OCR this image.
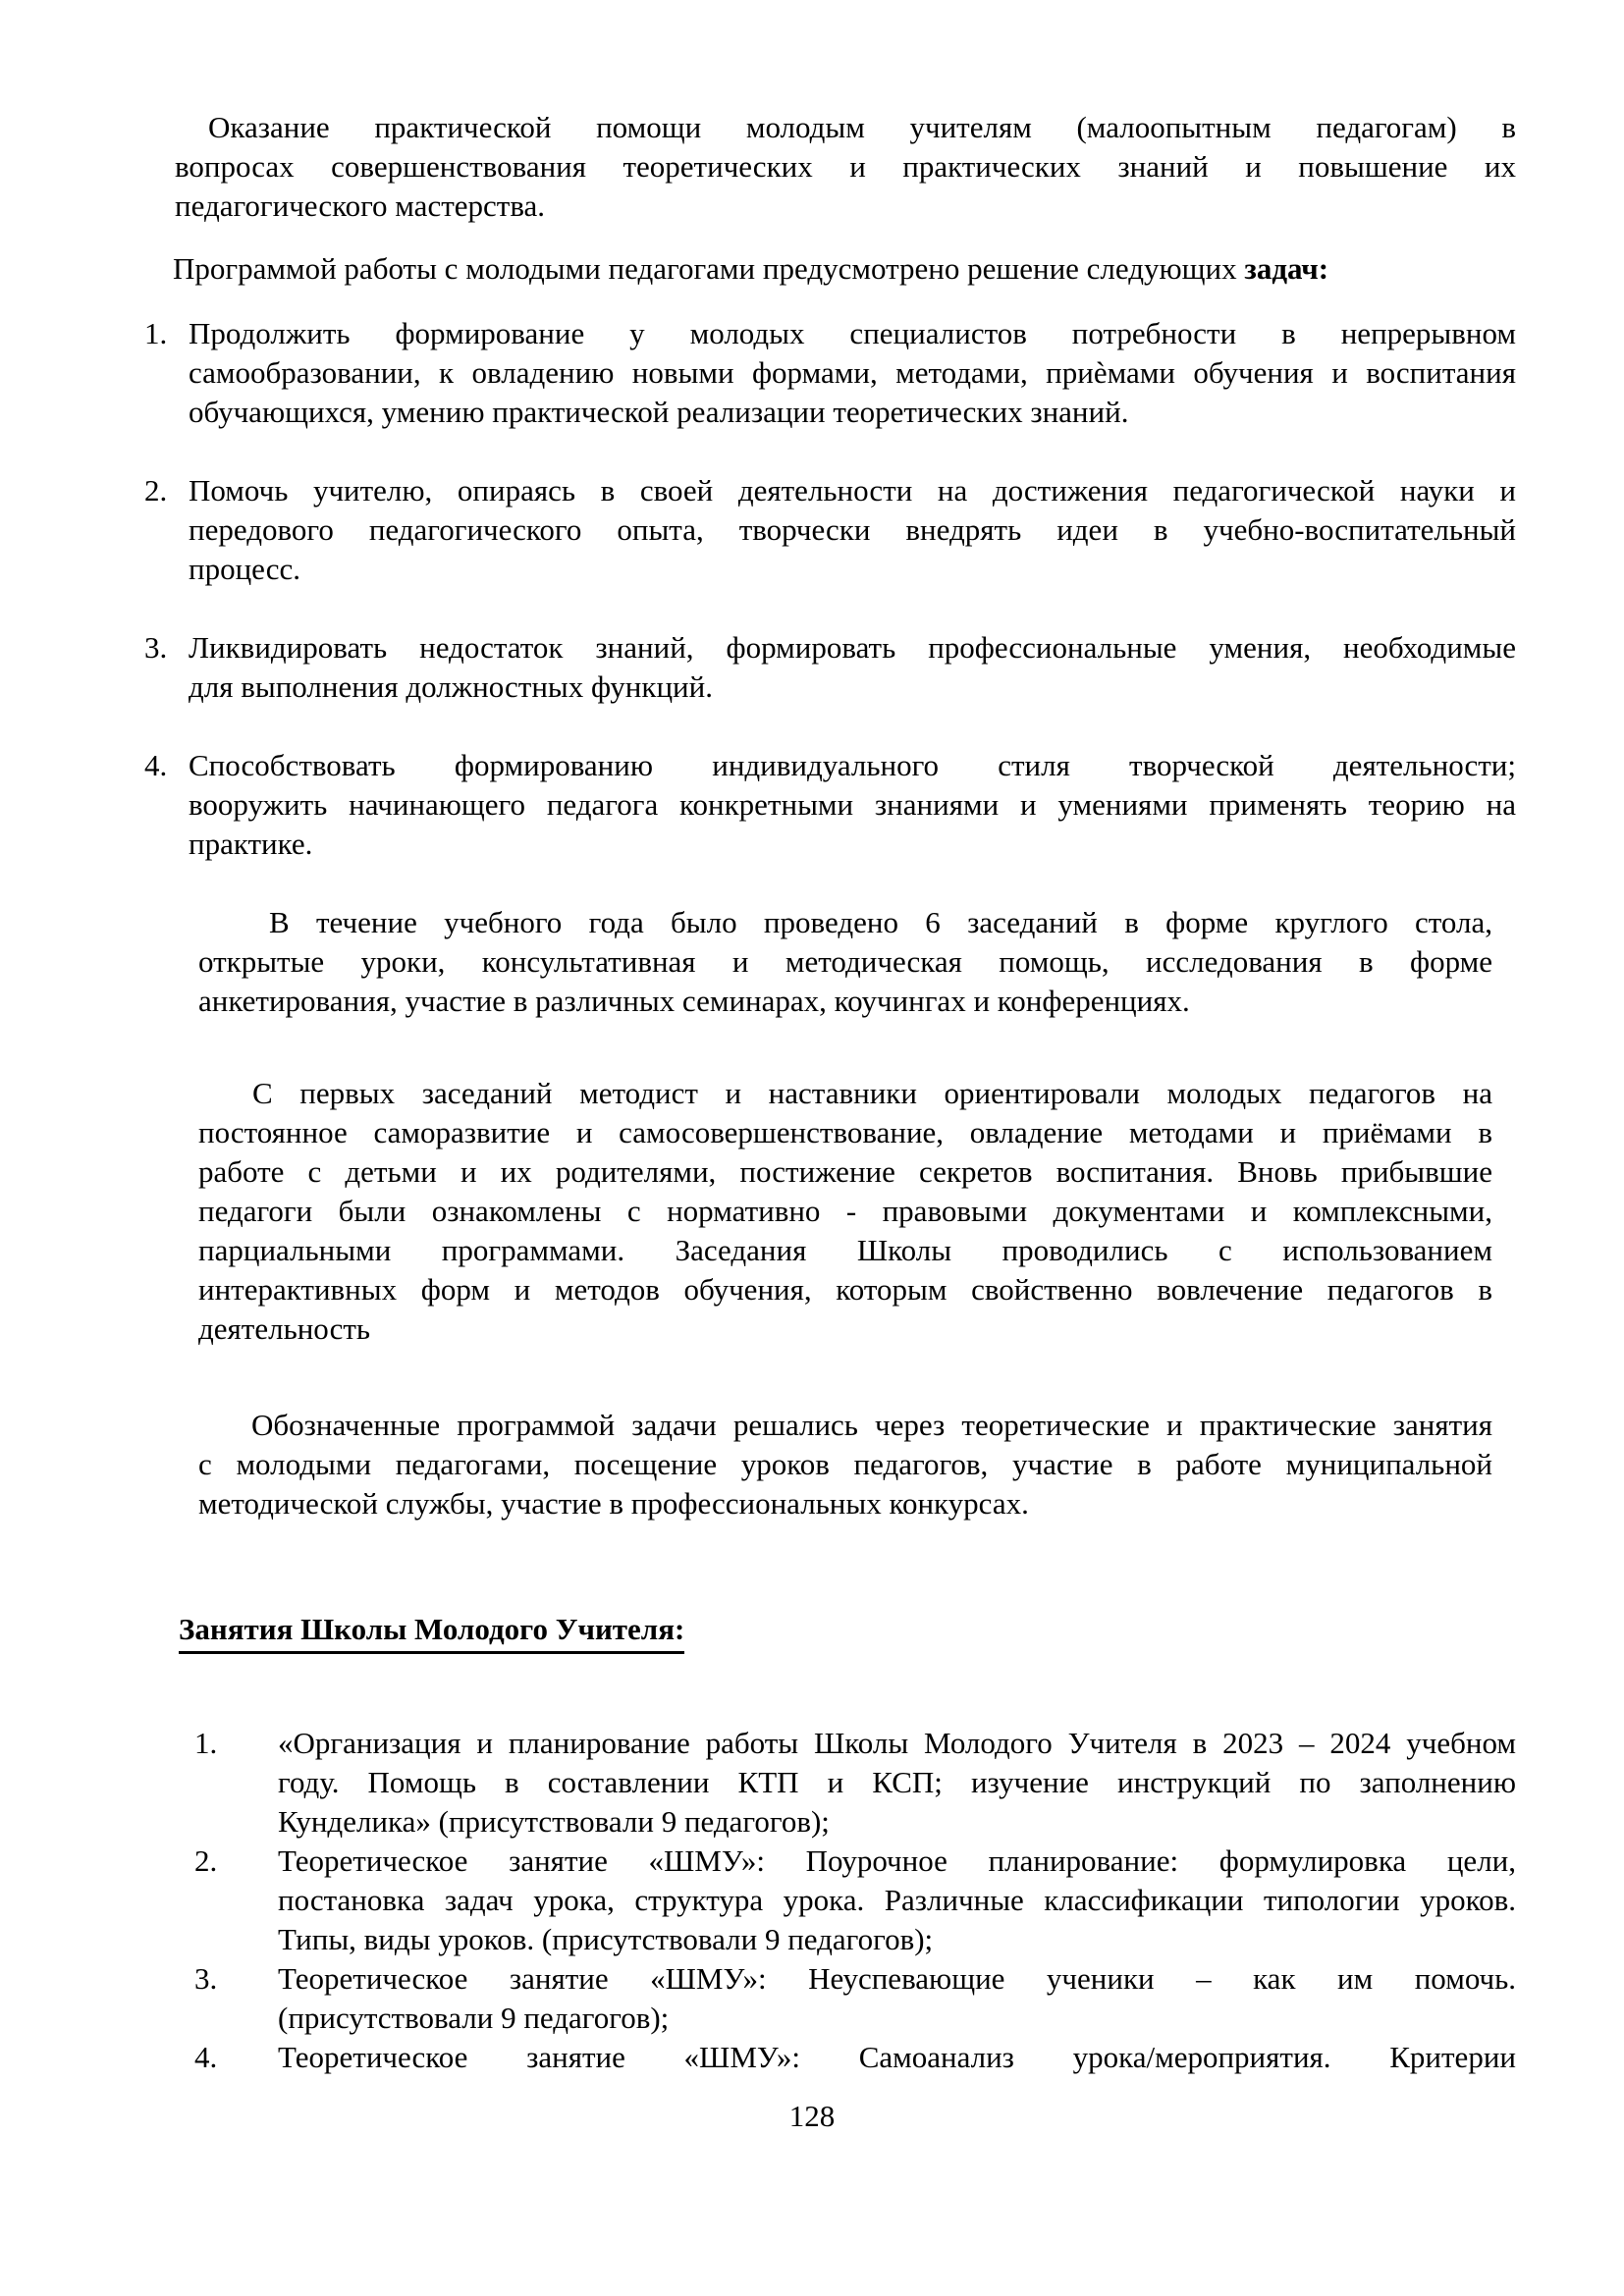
Оказание практической помощи молодым учителям (малоопытным педагогам) в
вопросах совершенствования теоретических и практических знаний и повышение их
педагогического мастерства.

Программой работы с молодыми педагогами предусмотрено решение следующих задач:

1. Продолжить формирование у молодых специалистов потребности в непрерывном
самообразовании, к овладению новыми формами, методами, приѐмами обучения и воспитания
обучающихся, умению практической реализации теоретических знаний.
2. Помочь учителю, опираясь в своей деятельности на достижения педагогической науки и
передового педагогического опыта, творчески внедрять идеи в учебно-воспитательный
процесс.
3. Ликвидировать недостаток знаний, формировать профессиональные умения, необходимые
для выполнения должностных функций.
4. Способствовать формированию индивидуального стиля творческой деятельности;
вооружить начинающего педагога конкретными знаниями и умениями применять теорию на
практике.

В течение учебного года было проведено 6 заседаний в форме круглого стола,
открытые уроки, консультативная и методическая помощь, исследования в форме
анкетирования, участие в различных семинарах, коучингах и конференциях.

С первых заседаний методист и наставники ориентировали молодых педагогов на
постоянное саморазвитие и самосовершенствование, овладение методами и приёмами в
работе с детьми и их родителями, постижение секретов воспитания. Вновь прибывшие
педагоги были ознакомлены с нормативно - правовыми документами и комплексными,
парциальными программами. Заседания Школы проводились с использованием
интерактивных форм и методов обучения, которым свойственно вовлечение педагогов в
деятельность

Обозначенные программой задачи решались через теоретические и практические занятия
с молодыми педагогами, посещение уроков педагогов, участие в работе муниципальной
методической службы, участие в профессиональных конкурсах.

Занятия Школы Молодого Учителя:
1.	«Организация и планирование работы Школы Молодого Учителя в 2023 – 2024 учебном
году. Помощь в составлении КТП и КСП; изучение инструкций по заполнению
Кунделика» (присутствовали 9 педагогов);
2.	Теоретическое занятие «ШМУ»: Поурочное планирование: формулировка цели,
постановка задач урока, структура урока. Различные классификации типологии уроков.
Типы, виды уроков. (присутствовали 9 педагогов);
3.	Теоретическое занятие «ШМУ»: Неуспевающие ученики – как им помочь.
(присутствовали 9 педагогов);
4.	Теоретическое занятие «ШМУ»: Самоанализ урока/мероприятия. Критерии
128
